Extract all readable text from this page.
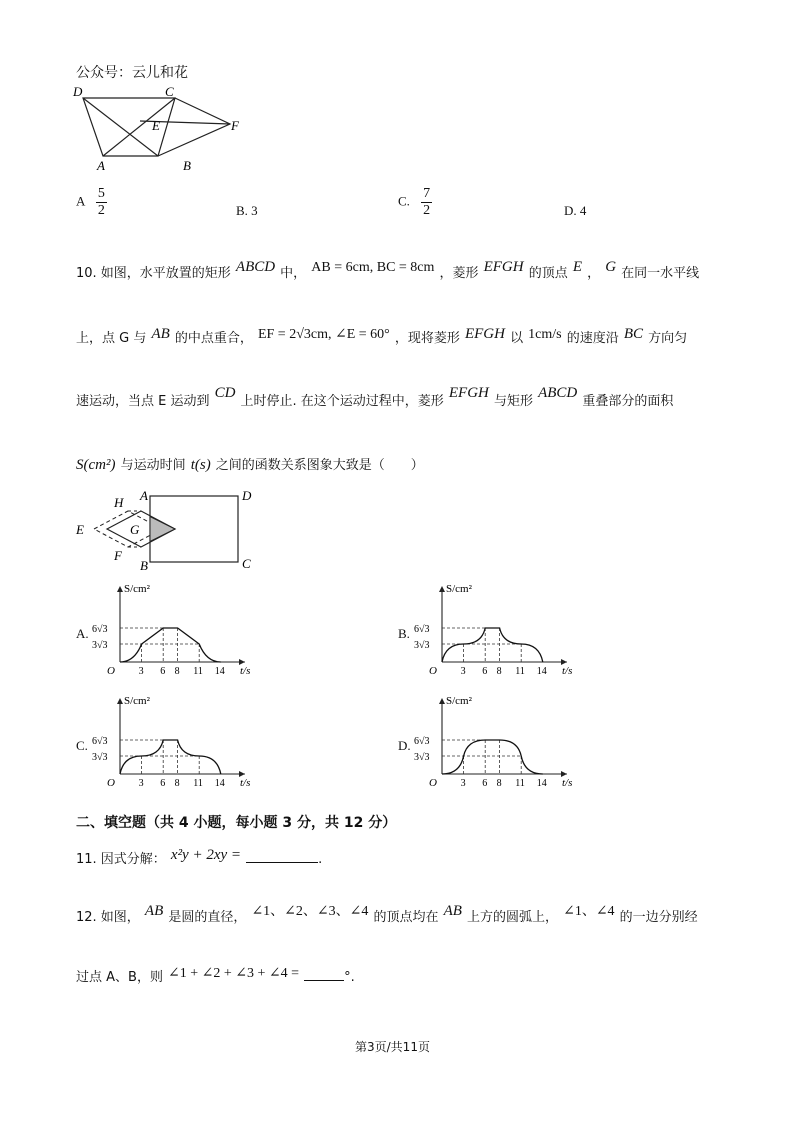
公众号：云儿和花
D	C
E	F
A	B
A $\frac{5}{2}$	B. 3
C. $\frac{7}{2}$	D. 4
10. 如图，水平放置的矩形 ABCD 中， AB = 6cm, BC = 8cm ，菱形 EFGH 的顶点 E ， G 在同一水平线
上，点 G 与 AB 的中点重合， EF = 2√3cm, ∠E = 60° ，现将菱形 EFGH 以 1cm/s 的速度沿 BC 方向匀
速运动，当点 E 运动到 CD 上时停止. 在这个运动过程中，菱形 EFGH 与矩形 ABCD 重叠部分的面积
S(cm²) 与运动时间 t(s) 之间的函数关系图象大致是（　　）
H A	D
E	G
F
B	C
A.	B.
C.	D.
S/cm²
t/s
O
6√3
3√3
3 6 8 11 14
S/cm²
t/s
O
6√3
3√3
3 6 8 11 14
S/cm²
t/s
O
6√3
3√3
3 6 8 11 14
S/cm²
t/s
O
6√3
3√3
3 6 8 11 14
二、填空题（共 4 小题，每小题 3 分，共 12 分）
11. 因式分解： x²y + 2xy =	.
12. 如图， AB 是圆的直径， ∠1、∠2、∠3、∠4 的顶点均在 AB 上方的圆弧上， ∠1、∠4 的一边分别经
过点 A、B，则 ∠1 + ∠2 + ∠3 + ∠4 =	°.
第3页/共11页
